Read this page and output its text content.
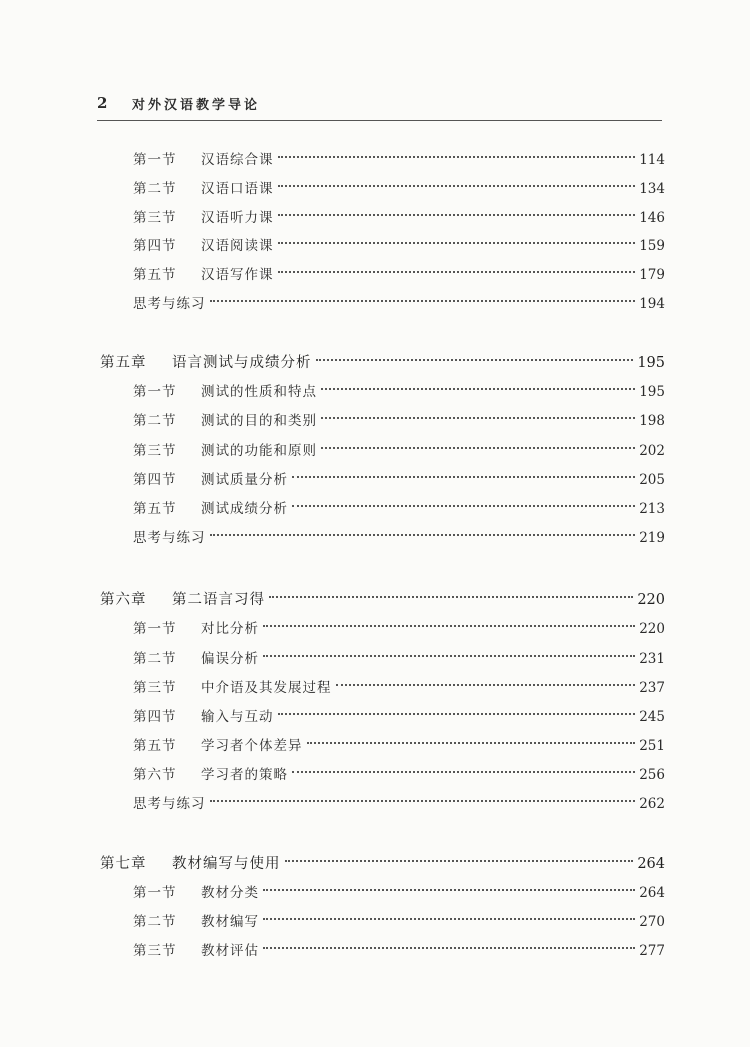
2 对外汉语教学导论
第一节 汉语综合课	114
第二节 汉语口语课	134
第三节 汉语听力课	146
第四节 汉语阅读课	159
第五节 汉语写作课	179
思考与练习	194
第五章 语言测试与成绩分析	195
第一节 测试的性质和特点	195
第二节 测试的目的和类别	198
第三节 测试的功能和原则	202
第四节 测试质量分析	205
第五节 测试成绩分析	213
思考与练习	219
第六章 第二语言习得	220
第一节 对比分析	220
第二节 偏误分析	231
第三节 中介语及其发展过程	237
第四节 输入与互动	245
第五节 学习者个体差异	251
第六节 学习者的策略	256
思考与练习	262
第七章 教材编写与使用	264
第一节 教材分类	264
第二节 教材编写	270
第三节 教材评估	277
